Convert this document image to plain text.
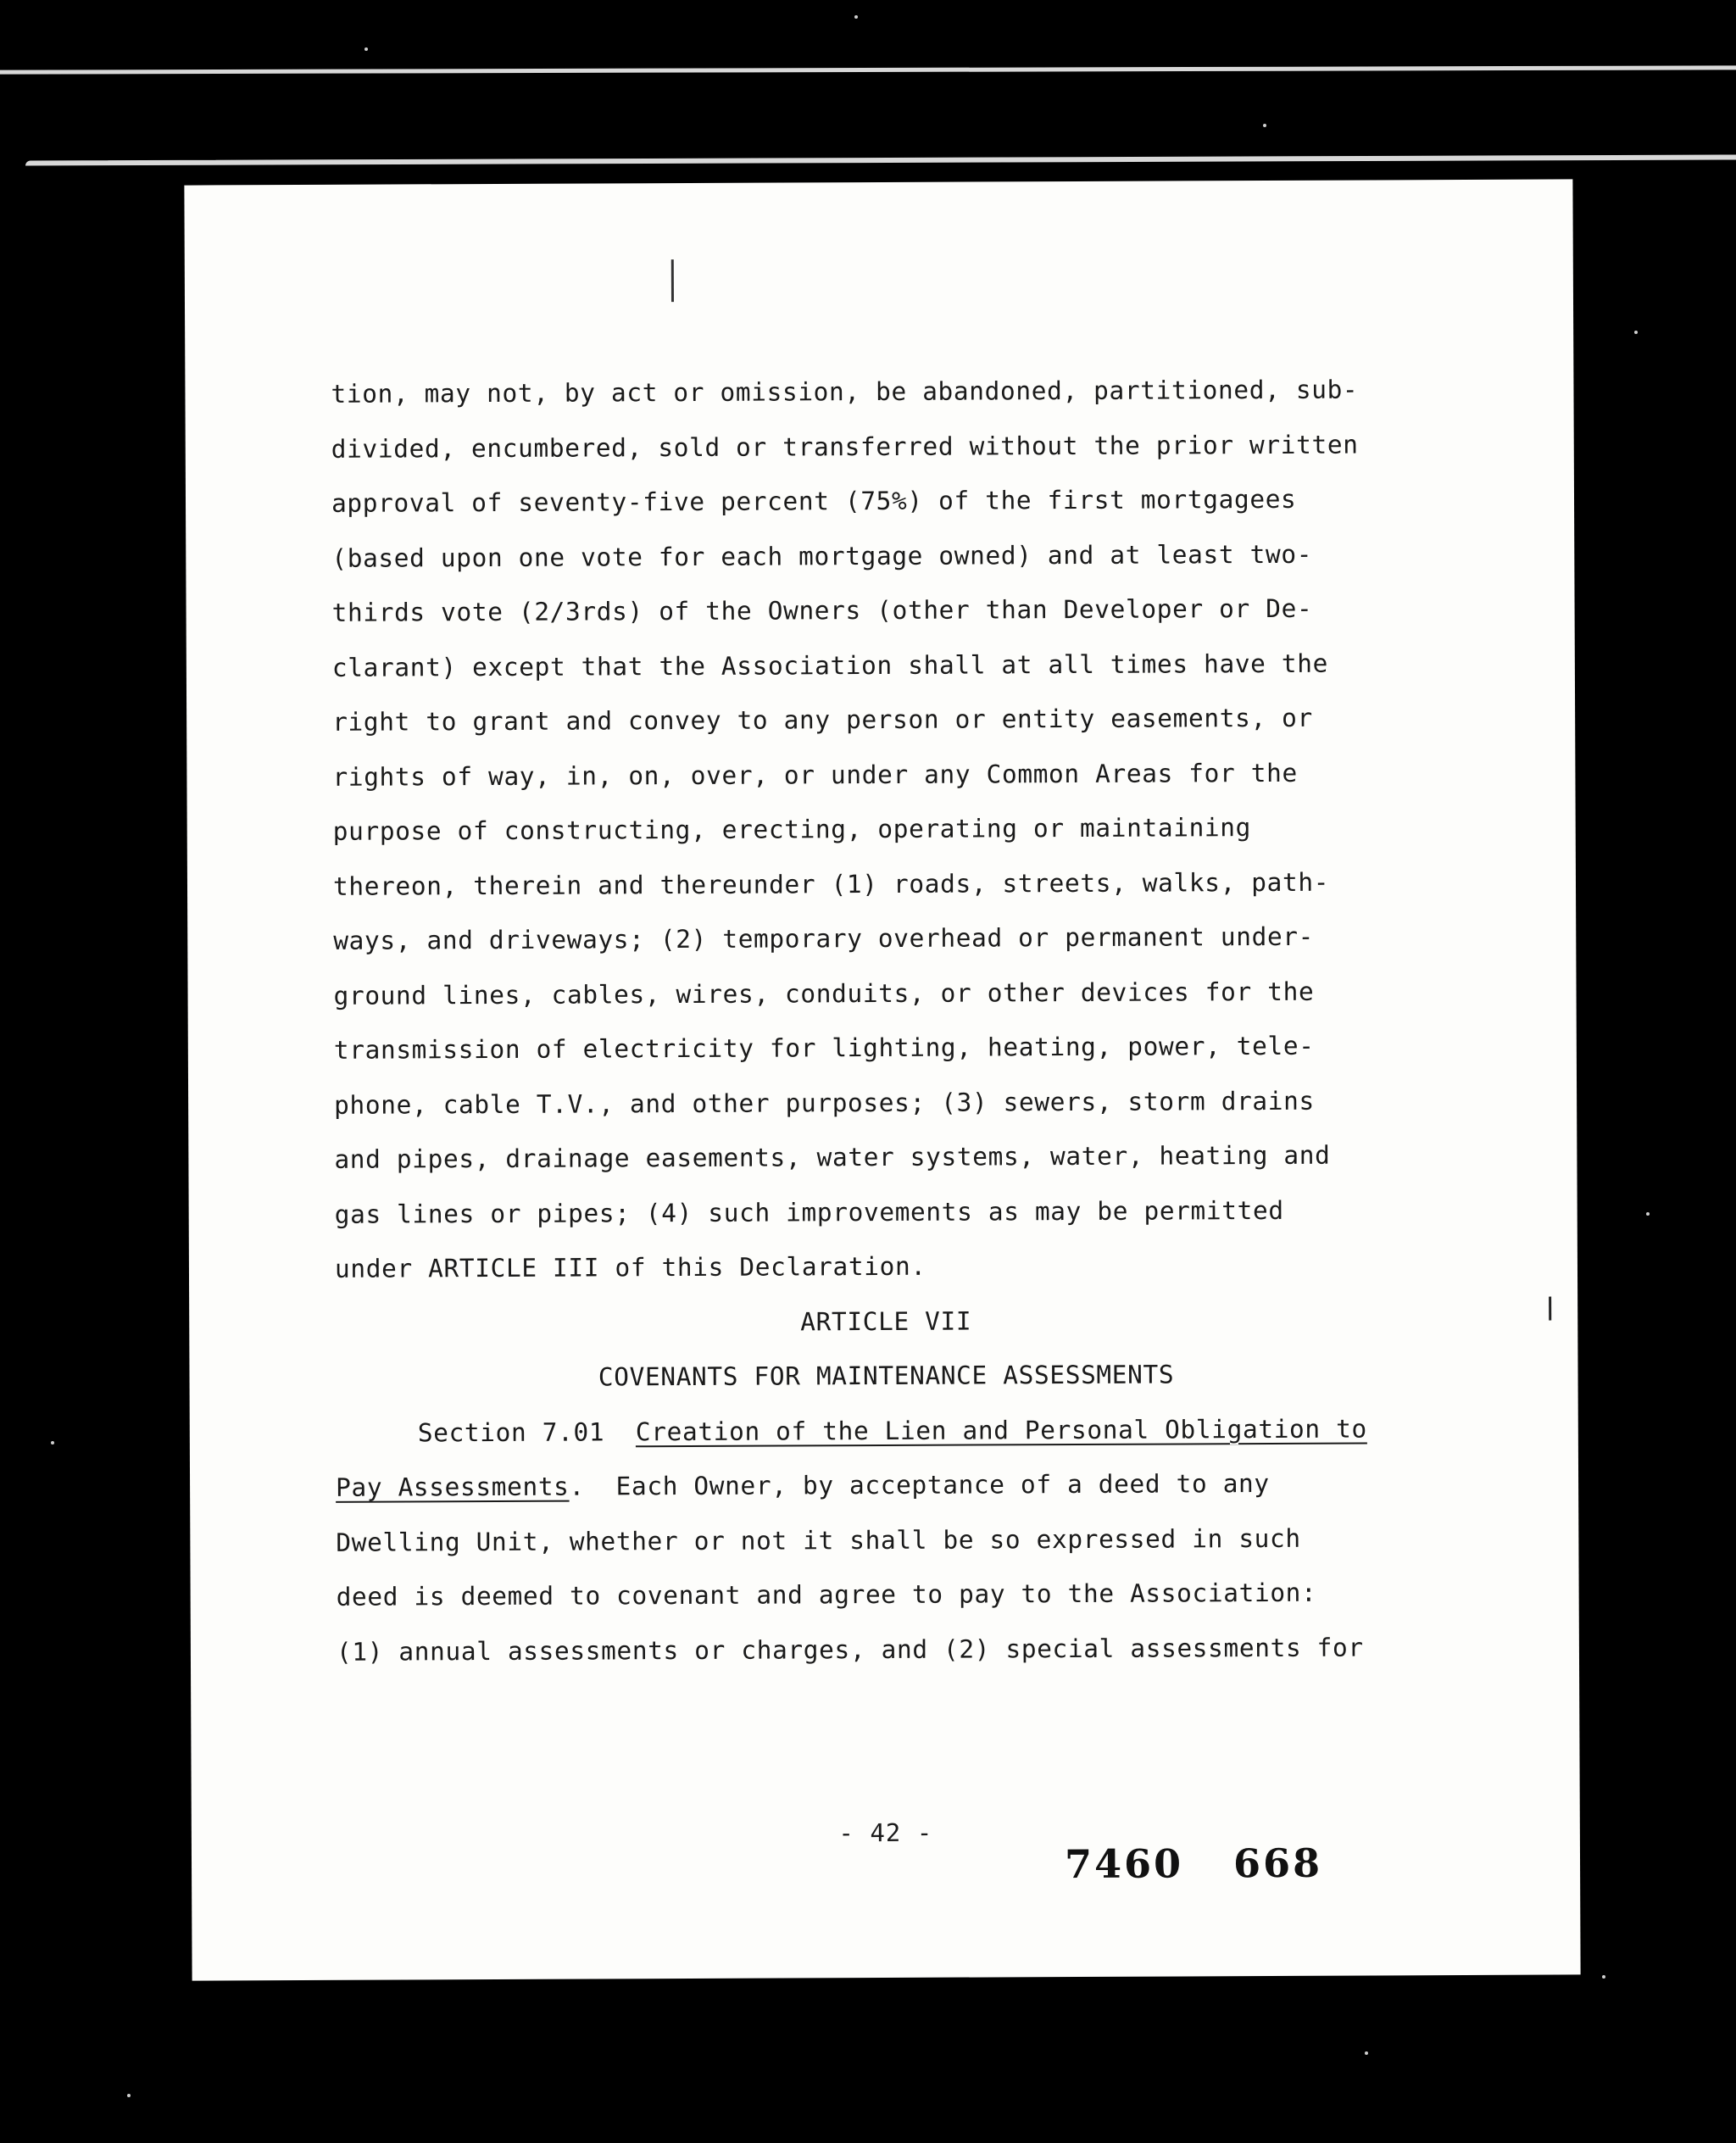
tion, may not, by act or omission, be abandoned, partitioned, sub-
divided, encumbered, sold or transferred without the prior written
approval of seventy-five percent (75%) of the first mortgagees
(based upon one vote for each mortgage owned) and at least two-
thirds vote (2/3rds) of the Owners (other than Developer or De-
clarant) except that the Association shall at all times have the
right to grant and convey to any person or entity easements, or
rights of way, in, on, over, or under any Common Areas for the
purpose of constructing, erecting, operating or maintaining
thereon, therein and thereunder (1) roads, streets, walks, path-
ways, and driveways; (2) temporary overhead or permanent under-
ground lines, cables, wires, conduits, or other devices for the
transmission of electricity for lighting, heating, power, tele-
phone, cable T.V., and other purposes; (3) sewers, storm drains
and pipes, drainage easements, water systems, water, heating and
gas lines or pipes; (4) such improvements as may be permitted
under ARTICLE III of this Declaration.
ARTICLE VII
COVENANTS FOR MAINTENANCE ASSESSMENTS
Section 7.01 Creation of the Lien and Personal Obligation to
Pay Assessments.  Each Owner, by acceptance of a deed to any
Dwelling Unit, whether or not it shall be so expressed in such
deed is deemed to covenant and agree to pay to the Association:
(1) annual assessments or charges, and (2) special assessments for
- 42 -
7460 668
